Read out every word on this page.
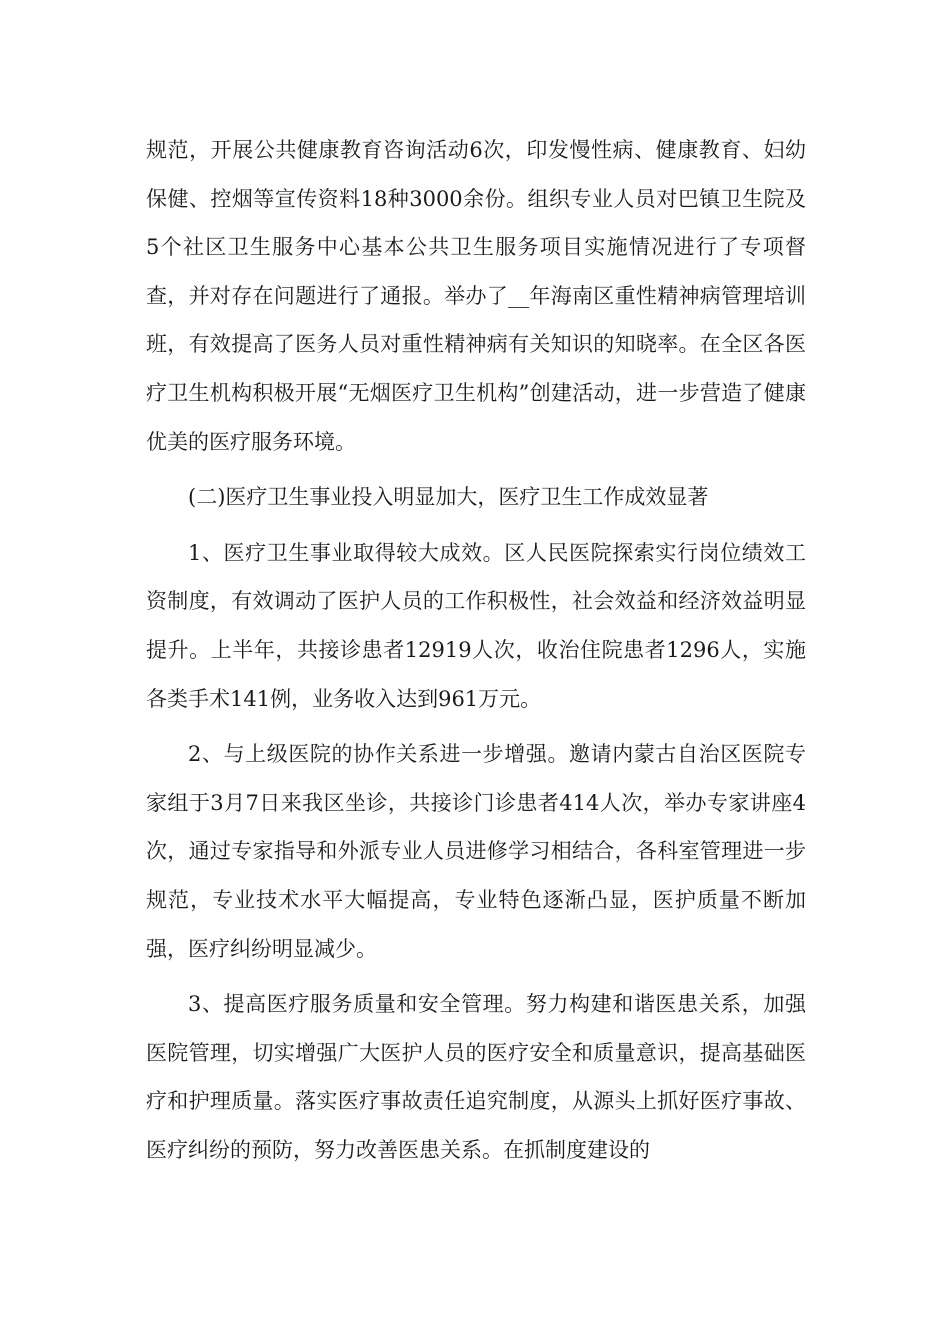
规范，开展公共健康教育咨询活动6次，印发慢性病、健康教育、妇幼保健、控烟等宣传资料18种3000余份。组织专业人员对巴镇卫生院及5个社区卫生服务中心基本公共卫生服务项目实施情况进行了专项督查，并对存在问题进行了通报。举办了__年海南区重性精神病管理培训班，有效提高了医务人员对重性精神病有关知识的知晓率。在全区各医疗卫生机构积极开展“无烟医疗卫生机构”创建活动，进一步营造了健康优美的医疗服务环境。

(二)医疗卫生事业投入明显加大，医疗卫生工作成效显著

1、医疗卫生事业取得较大成效。区人民医院探索实行岗位绩效工资制度，有效调动了医护人员的工作积极性，社会效益和经济效益明显提升。上半年，共接诊患者12919人次，收治住院患者1296人，实施各类手术141例，业务收入达到961万元。

2、与上级医院的协作关系进一步增强。邀请内蒙古自治区医院专家组于3月7日来我区坐诊，共接诊门诊患者414人次，举办专家讲座4次，通过专家指导和外派专业人员进修学习相结合，各科室管理进一步规范，专业技术水平大幅提高，专业特色逐渐凸显，医护质量不断加强，医疗纠纷明显减少。

3、提高医疗服务质量和安全管理。努力构建和谐医患关系，加强医院管理，切实增强广大医护人员的医疗安全和质量意识，提高基础医疗和护理质量。落实医疗事故责任追究制度，从源头上抓好医疗事故、医疗纠纷的预防，努力改善医患关系。在抓制度建设的
